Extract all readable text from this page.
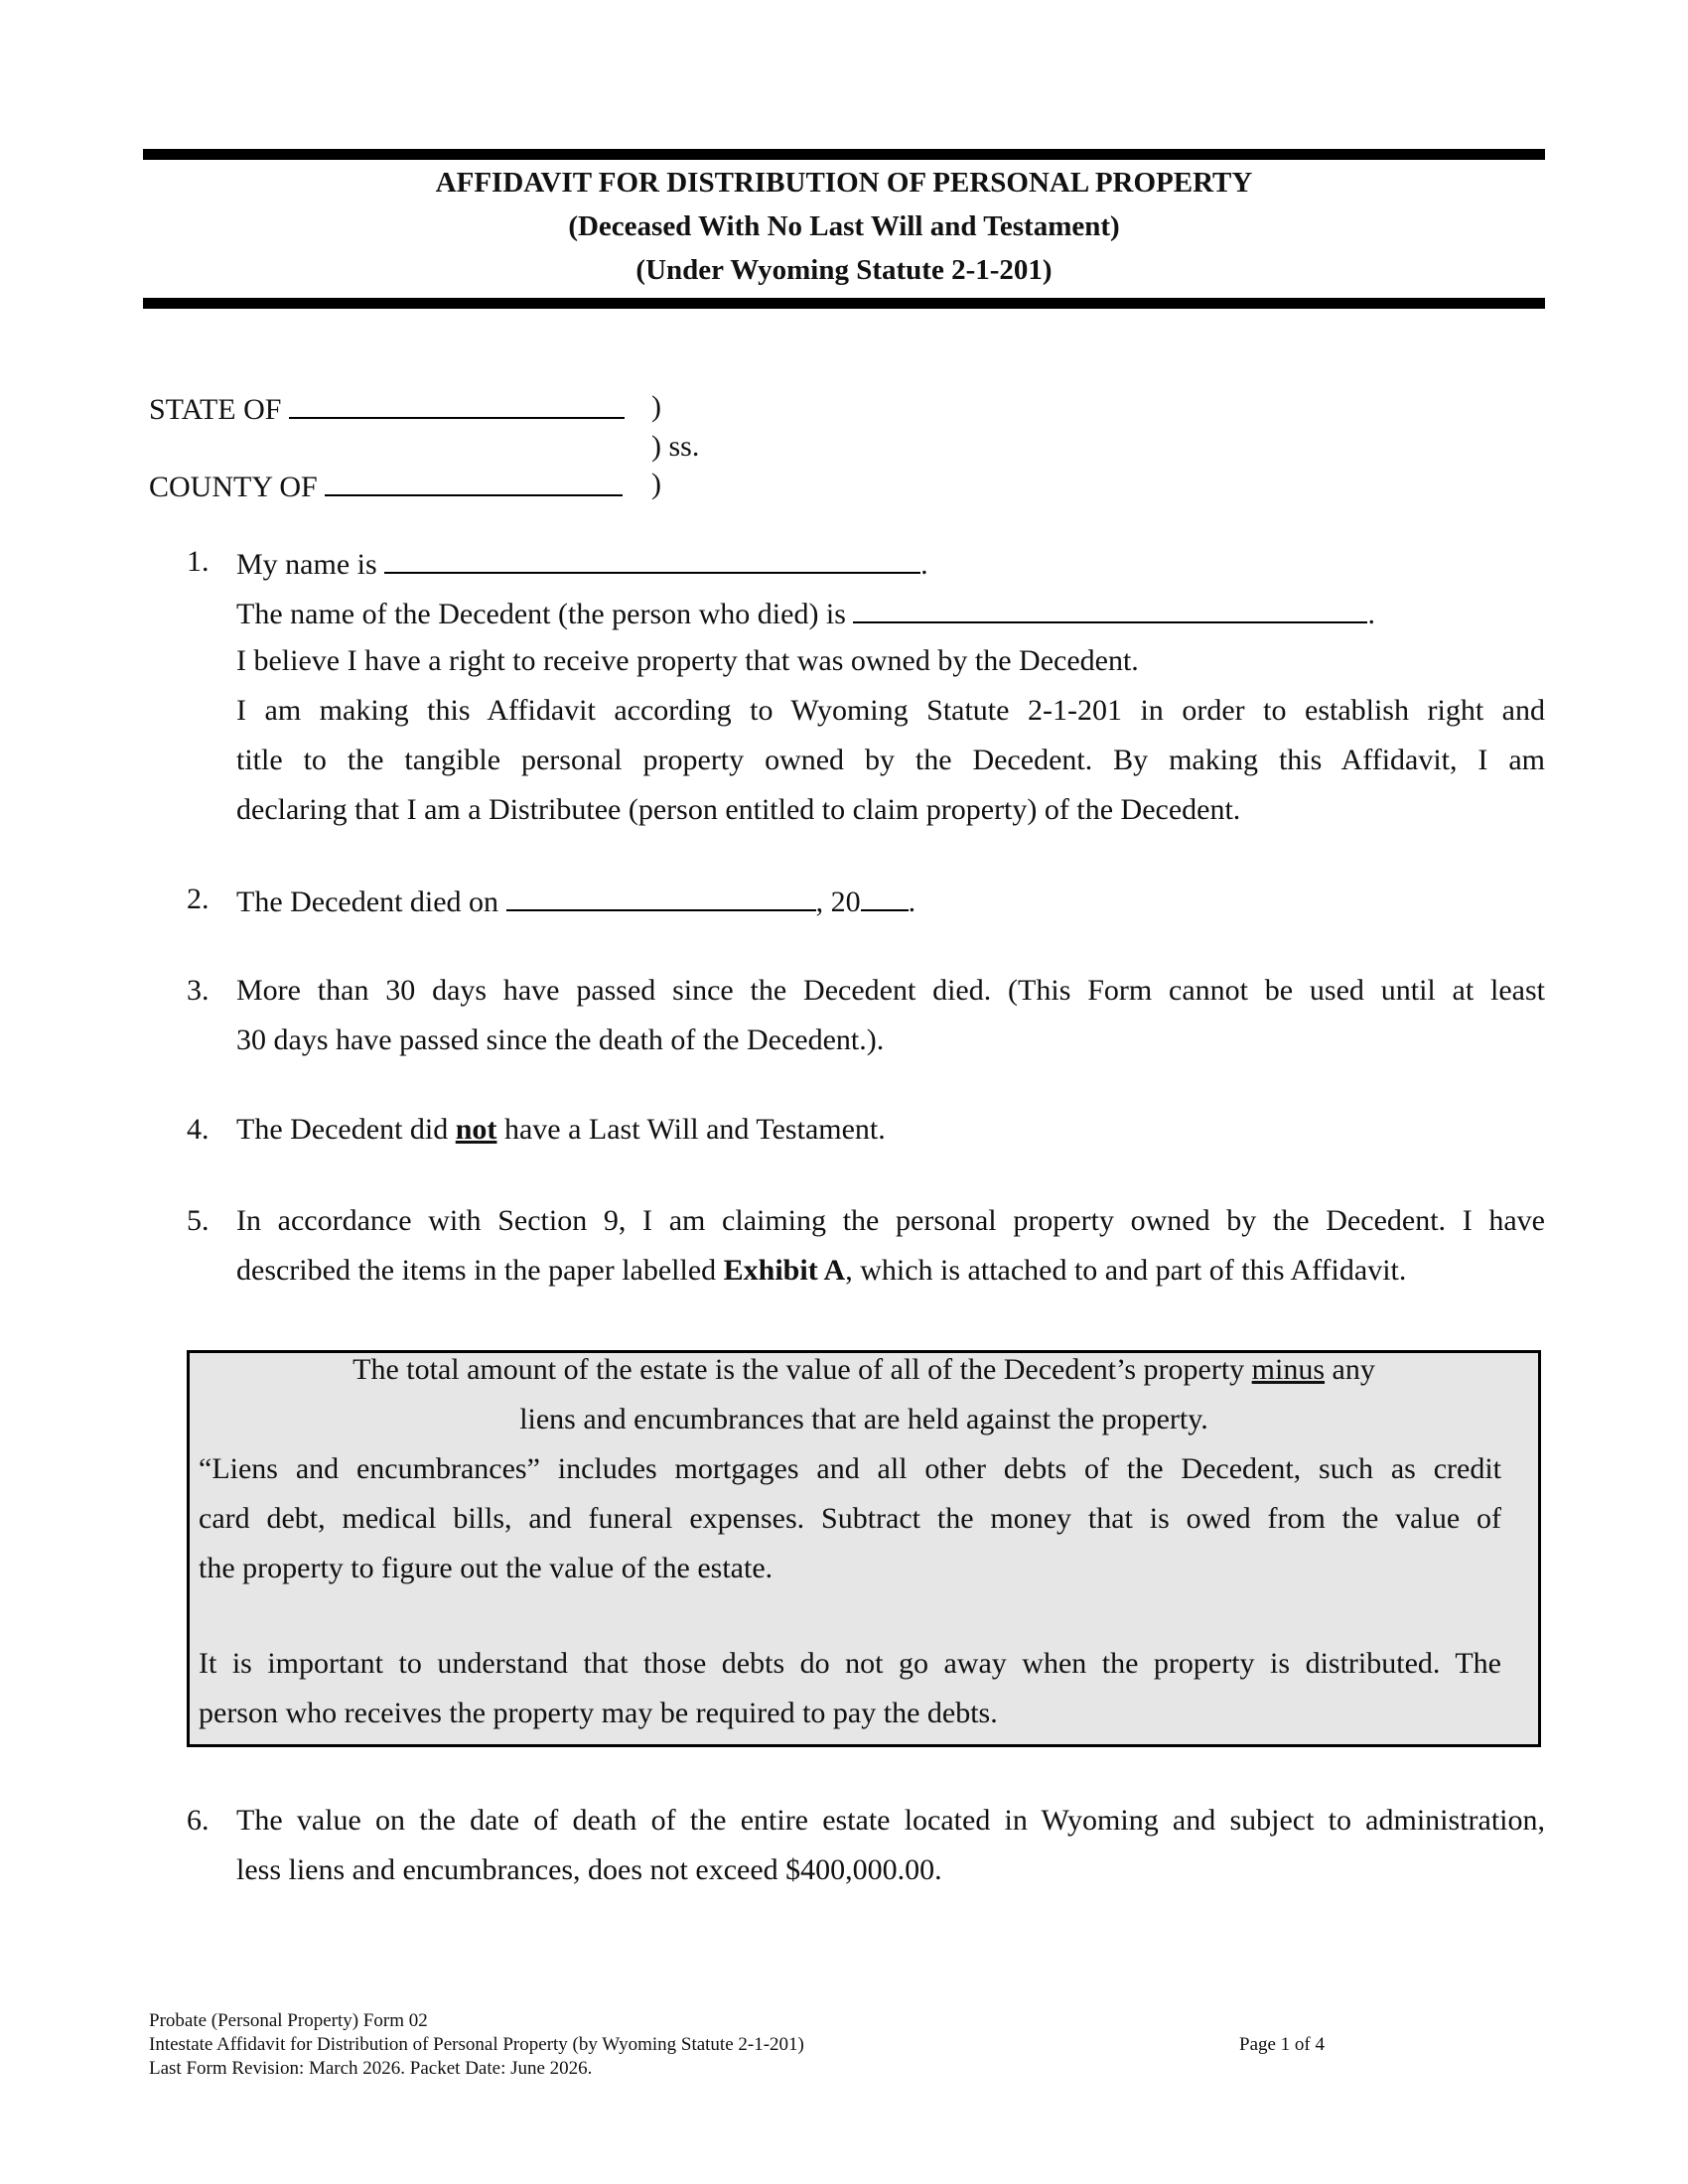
AFFIDAVIT FOR DISTRIBUTION OF PERSONAL PROPERTY
(Deceased With No Last Will and Testament)
(Under Wyoming Statute 2-1-201)
STATE OF	)
) ss.
COUNTY OF	)
1. My name is	.
The name of the Decedent (the person who died) is	.
I believe I have a right to receive property that was owned by the Decedent.
I am making this Affidavit according to Wyoming Statute 2-1-201 in order to establish right and
title to the tangible personal property owned by the Decedent. By making this Affidavit, I am
declaring that I am a Distributee (person entitled to claim property) of the Decedent.
2. The Decedent died on	, 20 .
3. More than 30 days have passed since the Decedent died. (This Form cannot be used until at least
30 days have passed since the death of the Decedent.).
4. The Decedent did not have a Last Will and Testament.
5. In accordance with Section 9, I am claiming the personal property owned by the Decedent. I have
described the items in the paper labelled Exhibit A, which is attached to and part of this Affidavit.
The total amount of the estate is the value of all of the Decedent’s property minus any
liens and encumbrances that are held against the property.
“Liens and encumbrances” includes mortgages and all other debts of the Decedent, such as credit
card debt, medical bills, and funeral expenses. Subtract the money that is owed from the value of
the property to figure out the value of the estate.
It is important to understand that those debts do not go away when the property is distributed. The
person who receives the property may be required to pay the debts.
6. The value on the date of death of the entire estate located in Wyoming and subject to administration,
less liens and encumbrances, does not exceed $400,000.00.
Probate (Personal Property) Form 02
Intestate Affidavit for Distribution of Personal Property (by Wyoming Statute 2-1-201)
Last Form Revision: March 2026. Packet Date: June 2026.
Page 1 of 4
